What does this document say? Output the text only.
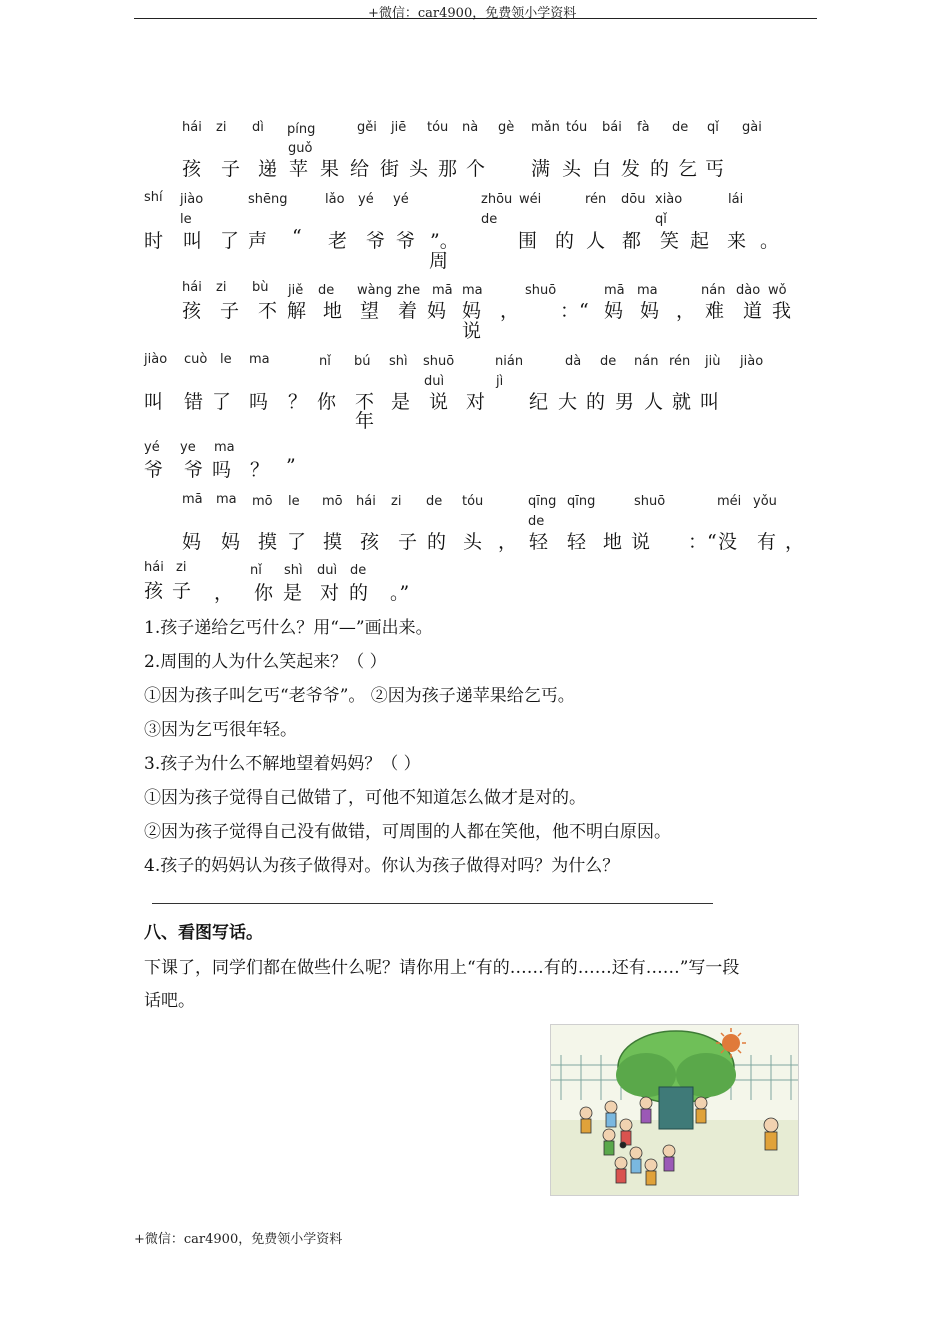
+微信：car4900，免费领小学资料
hái zi dì píng
guǒ
gěi jiē tóu nà gè mǎn tóu bái fà de qǐ gài
孩 子 递 苹 果 给 街 头 那 个 满 头 白 发 的 乞 丐
shí jiào
le
shēng	lǎo yé yé	zhōu wéi
de
rén dōu xiào
qǐ
lái
时 叫 了 声 “ 老 爷 爷 ”。
周
围 的 人 都 笑 起 来 。
hái zi bù jiě de wàng zhe mā ma	shuō	mā ma	nán dào wǒ
孩 子 不 解 地 望 着 妈 妈 ，
说
：“ 妈 妈 ， 难 道 我
jiào cuò le ma	nǐ bú shì shuō
duì
nián
jì
dà de nán rén jiù jiào
叫 错 了 吗 ？ 你 不 是 说 对
年
纪 大 的 男 人 就 叫
yé ye ma
爷 爷 吗 ？ ”
mā ma mō le mō hái zi de tóu	qīng qīng
de
shuō	méi yǒu
妈 妈 摸 了 摸 孩 子 的 头 ， 轻 轻 地 说 ：“ 没 有 ，
hái zi	nǐ shì duì de
孩 子 ， 你 是 对 的 。”
1.孩子递给乞丐什么？用“—”画出来。
2.周围的人为什么笑起来？（ ）
①因为孩子叫乞丐“老爷爷”。 ②因为孩子递苹果给乞丐。
③因为乞丐很年轻。
3.孩子为什么不解地望着妈妈？（ ）
①因为孩子觉得自己做错了，可他不知道怎么做才是对的。
②因为孩子觉得自己没有做错，可周围的人都在笑他，他不明白原因。
4.孩子的妈妈认为孩子做得对。你认为孩子做得对吗？为什么？
八、看图写话。
下课了，同学们都在做些什么呢？请你用上“有的……有的……还有……”写一段
话吧。
+微信：car4900，免费领小学资料
